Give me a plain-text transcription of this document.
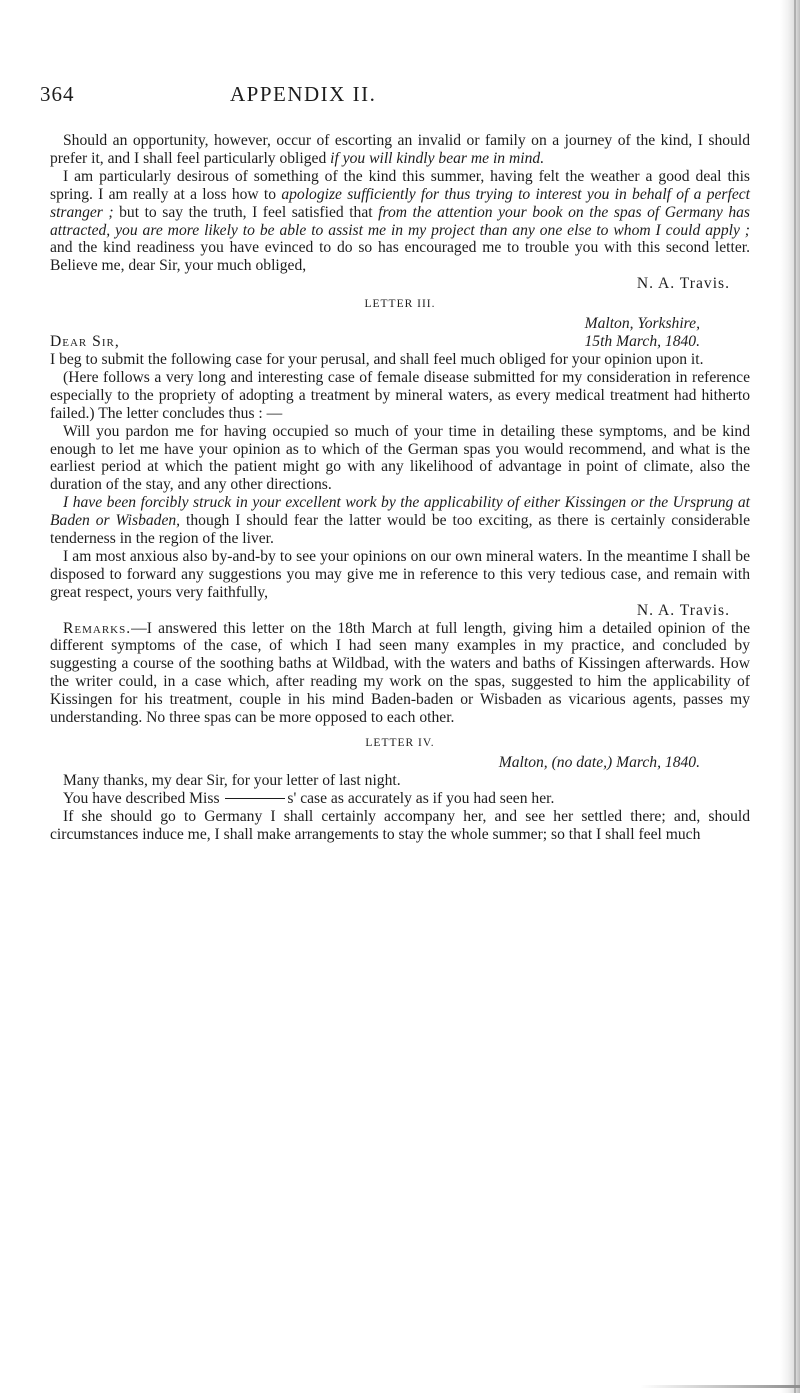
364	APPENDIX II.

Should an opportunity, however, occur of escorting an invalid or family on a journey of the kind, I should prefer it, and I shall feel particularly obliged if you will kindly bear me in mind.

I am particularly desirous of something of the kind this summer, having felt the weather a good deal this spring. I am really at a loss how to apologize sufficiently for thus trying to interest you in behalf of a perfect stranger ; but to say the truth, I feel satisfied that from the attention your book on the spas of Germany has attracted, you are more likely to be able to assist me in my project than any one else to whom I could apply ; and the kind readiness you have evinced to do so has encouraged me to trouble you with this second letter. Believe me, dear Sir, your much obliged,

N. A. Travis.
LETTER III.
Malton, Yorkshire,
Dear Sir,	15th March, 1840.

I beg to submit the following case for your perusal, and shall feel much obliged for your opinion upon it.

(Here follows a very long and interesting case of female disease submitted for my consideration in reference especially to the propriety of adopting a treatment by mineral waters, as every medical treatment had hitherto failed.) The letter concludes thus : —

Will you pardon me for having occupied so much of your time in detailing these symptoms, and be kind enough to let me have your opinion as to which of the German spas you would recommend, and what is the earliest period at which the patient might go with any likelihood of advantage in point of climate, also the duration of the stay, and any other directions.

I have been forcibly struck in your excellent work by the applicability of either Kissingen or the Ursprung at Baden or Wisbaden, though I should fear the latter would be too exciting, as there is certainly considerable tenderness in the region of the liver.

I am most anxious also by-and-by to see your opinions on our own mineral waters. In the meantime I shall be disposed to forward any suggestions you may give me in reference to this very tedious case, and remain with great respect, yours very faithfully,

N. A. Travis.

Remarks.—I answered this letter on the 18th March at full length, giving him a detailed opinion of the different symptoms of the case, of which I had seen many examples in my practice, and concluded by suggesting a course of the soothing baths at Wildbad, with the waters and baths of Kissingen afterwards. How the writer could, in a case which, after reading my work on the spas, suggested to him the applicability of Kissingen for his treatment, couple in his mind Baden-baden or Wisbaden as vicarious agents, passes my understanding. No three spas can be more opposed to each other.

LETTER IV.
Malton, (no date,) March, 1840.

Many thanks, my dear Sir, for your letter of last night.

You have described Miss	s' case as accurately as if you had seen her.

If she should go to Germany I shall certainly accompany her, and see her settled there; and, should circumstances induce me, I shall make arrangements to stay the whole summer; so that I shall feel much
